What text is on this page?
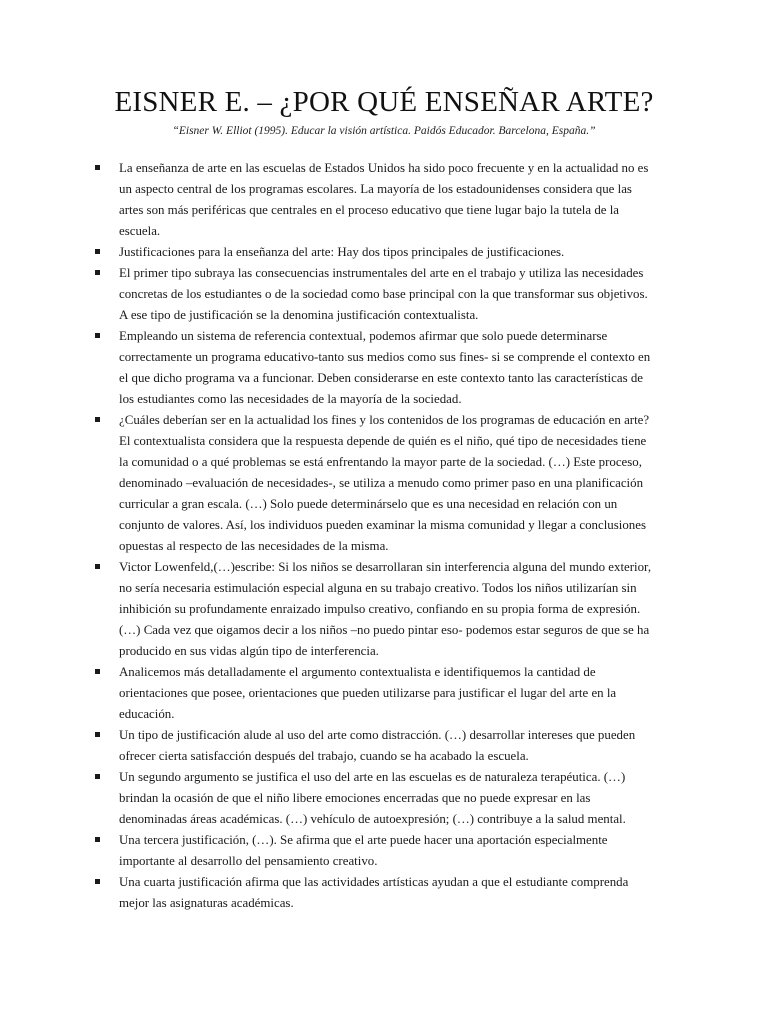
EISNER E. – ¿POR QUÉ ENSEÑAR ARTE?
“Eisner W. Elliot (1995). Educar la visión artística. Paidós Educador. Barcelona, España.”
La enseñanza de arte en las escuelas de Estados Unidos ha sido poco frecuente y en la actualidad no es un aspecto central de los programas escolares. La mayoría de los estadounidenses considera que las artes son más periféricas que centrales en el proceso educativo que tiene lugar bajo la tutela de la escuela.
Justificaciones para la enseñanza del arte: Hay dos tipos principales de justificaciones.
El primer tipo subraya las consecuencias instrumentales del arte en el trabajo y utiliza las necesidades concretas de los estudiantes o de la sociedad como base principal con la que transformar sus objetivos. A ese tipo de justificación se la denomina justificación contextualista.
Empleando un sistema de referencia contextual, podemos afirmar que solo puede determinarse correctamente un programa educativo-tanto sus medios como sus fines- si se comprende el contexto en el que dicho programa va a funcionar. Deben considerarse en este contexto tanto las características de los estudiantes como las necesidades de la mayoría de la sociedad.
¿Cuáles deberían ser en la actualidad los fines y los contenidos de los programas de educación en arte? El contextualista considera que la respuesta depende de quién es el niño, qué tipo de necesidades tiene la comunidad o a qué problemas se está enfrentando la mayor parte de la sociedad. (…) Este proceso, denominado –evaluación de necesidades-, se utiliza a menudo como primer paso en una planificación curricular a gran escala. (…) Solo puede determinárselo que es una necesidad en relación con un conjunto de valores. Así, los individuos pueden examinar la misma comunidad y llegar a conclusiones opuestas al respecto de las necesidades de la misma.
Victor Lowenfeld,(…)escribe: Si los niños se desarrollaran sin interferencia alguna del mundo exterior, no sería necesaria estimulación especial alguna en su trabajo creativo. Todos los niños utilizarían sin inhibición su profundamente enraizado impulso creativo, confiando en su propia forma de expresión. (…) Cada vez que oigamos decir a los niños –no puedo pintar eso- podemos estar seguros de que se ha producido en sus vidas algún tipo de interferencia.
Analicemos más detalladamente el argumento contextualista e identifiquemos la cantidad de orientaciones que posee, orientaciones que pueden utilizarse para justificar el lugar del arte en la educación.
Un tipo de justificación alude al uso del arte como distracción. (…) desarrollar intereses que pueden ofrecer cierta satisfacción después del trabajo, cuando se ha acabado la escuela.
Un segundo argumento se justifica el uso del arte en las escuelas es de naturaleza terapéutica. (…) brindan la ocasión de que el niño libere emociones encerradas que no puede expresar en las denominadas áreas académicas. (…) vehículo de autoexpresión; (…) contribuye a la salud mental.
Una tercera justificación, (…). Se afirma que el arte puede hacer una aportación especialmente importante al desarrollo del pensamiento creativo.
Una cuarta justificación afirma que las actividades artísticas ayudan a que el estudiante comprenda mejor las asignaturas académicas.
